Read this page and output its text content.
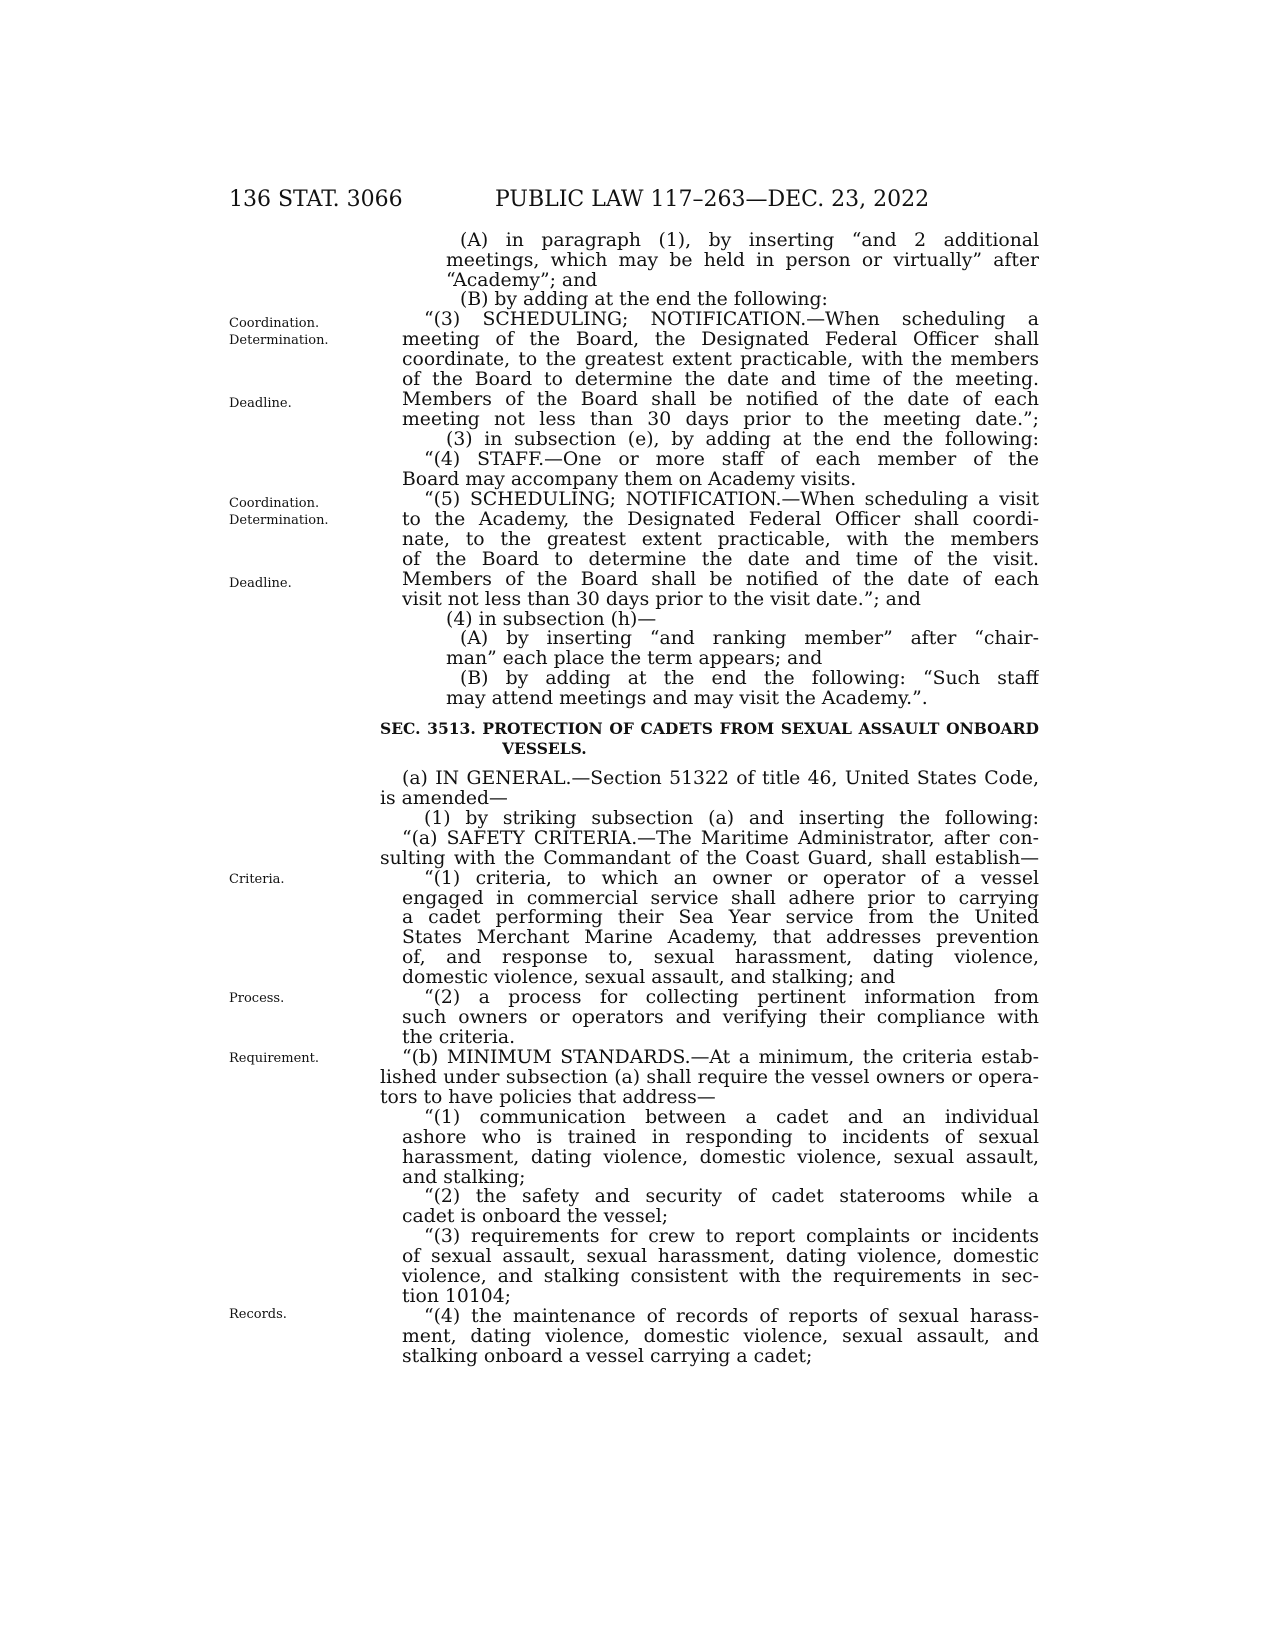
136 STAT. 3066	PUBLIC LAW 117–263—DEC. 23, 2022
Coordination.
Determination.
Deadline.
Coordination.
Determination.
Deadline.
Criteria.
Process.
Requirement.
Records.
(A) in paragraph (1), by inserting “and 2 additional
meetings, which may be held in person or virtually” after
“Academy”; and
(B) by adding at the end the following:
“(3) SCHEDULING; NOTIFICATION.—When scheduling a
meeting of the Board, the Designated Federal Officer shall
coordinate, to the greatest extent practicable, with the members
of the Board to determine the date and time of the meeting.
Members of the Board shall be notified of the date of each
meeting not less than 30 days prior to the meeting date.”;
(3) in subsection (e), by adding at the end the following:
“(4) STAFF.—One or more staff of each member of the
Board may accompany them on Academy visits.
“(5) SCHEDULING; NOTIFICATION.—When scheduling a visit
to the Academy, the Designated Federal Officer shall coordi-
nate, to the greatest extent practicable, with the members
of the Board to determine the date and time of the visit.
Members of the Board shall be notified of the date of each
visit not less than 30 days prior to the visit date.”; and
(4) in subsection (h)—
(A) by inserting “and ranking member” after “chair-
man” each place the term appears; and
(B) by adding at the end the following: “Such staff
may attend meetings and may visit the Academy.”.
SEC. 3513. PROTECTION OF CADETS FROM SEXUAL ASSAULT ONBOARD
VESSELS.
(a) IN GENERAL.—Section 51322 of title 46, United States Code,
is amended—
(1) by striking subsection (a) and inserting the following:
“(a) SAFETY CRITERIA.—The Maritime Administrator, after con-
sulting with the Commandant of the Coast Guard, shall establish—
“(1) criteria, to which an owner or operator of a vessel
engaged in commercial service shall adhere prior to carrying
a cadet performing their Sea Year service from the United
States Merchant Marine Academy, that addresses prevention
of, and response to, sexual harassment, dating violence,
domestic violence, sexual assault, and stalking; and
“(2) a process for collecting pertinent information from
such owners or operators and verifying their compliance with
the criteria.
“(b) MINIMUM STANDARDS.—At a minimum, the criteria estab-
lished under subsection (a) shall require the vessel owners or opera-
tors to have policies that address—
“(1) communication between a cadet and an individual
ashore who is trained in responding to incidents of sexual
harassment, dating violence, domestic violence, sexual assault,
and stalking;
“(2) the safety and security of cadet staterooms while a
cadet is onboard the vessel;
“(3) requirements for crew to report complaints or incidents
of sexual assault, sexual harassment, dating violence, domestic
violence, and stalking consistent with the requirements in sec-
tion 10104;
“(4) the maintenance of records of reports of sexual harass-
ment, dating violence, domestic violence, sexual assault, and
stalking onboard a vessel carrying a cadet;
